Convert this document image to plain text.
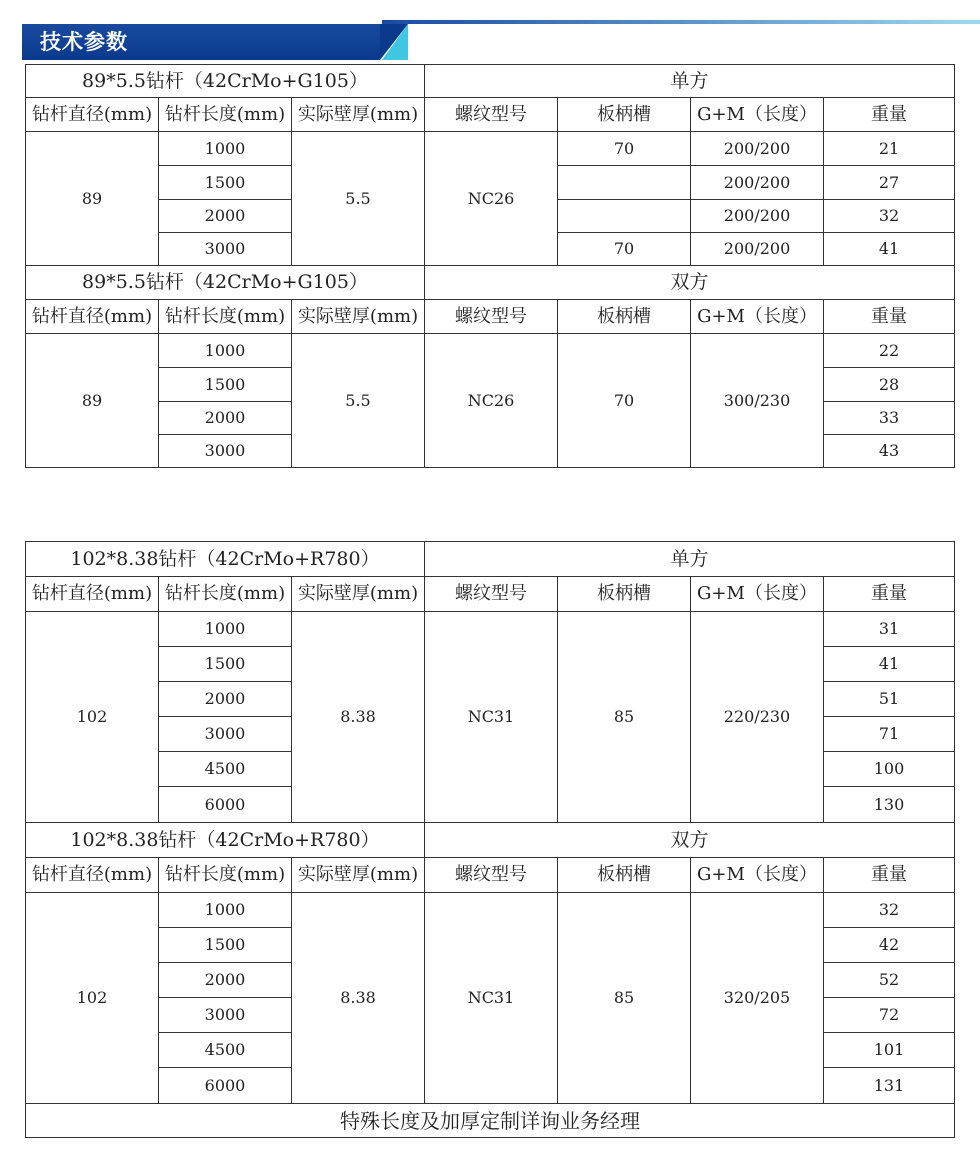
技术参数
89*5.5钻杆（42CrMo+G105）			单方			
钻杆直径(mm)	钻杆长度(mm)	实际壁厚(mm)	螺纹型号	板柄槽	G+M（长度）	重量
89	1000	5.5	NC26	70	200/200	21
	1500				200/200	27
	2000				200/200	32
	3000			70	200/200	41
89*5.5钻杆（42CrMo+G105）			双方			
钻杆直径(mm)	钻杆长度(mm)	实际壁厚(mm)	螺纹型号	板柄槽	G+M（长度）	重量
89	1000	5.5	NC26	70	300/230	22
	1500					28
	2000					33
	3000					43
102*8.38钻杆（42CrMo+R780）			单方			
钻杆直径(mm)	钻杆长度(mm)	实际壁厚(mm)	螺纹型号	板柄槽	G+M（长度）	重量
102	1000	8.38	NC31	85	220/230	31
	1500					41
	2000					51
	3000					71
	4500					100
	6000					130
102*8.38钻杆（42CrMo+R780）			双方			
钻杆直径(mm)	钻杆长度(mm)	实际壁厚(mm)	螺纹型号	板柄槽	G+M（长度）	重量
102	1000	8.38	NC31	85	320/205	32
	1500					42
	2000					52
	3000					72
	4500					101
	6000					131
特殊长度及加厚定制详询业务经理						
